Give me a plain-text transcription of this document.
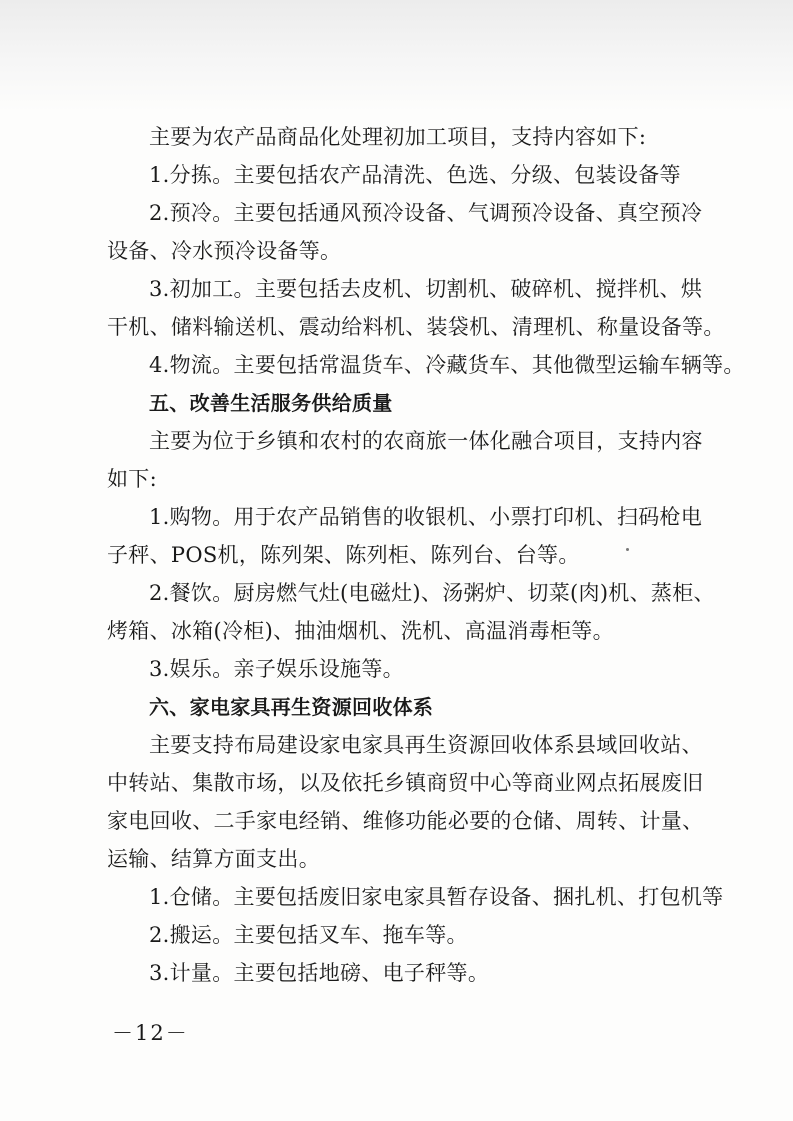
主要为农产品商品化处理初加工项目，支持内容如下:
1.分拣。主要包括农产品清洗、色选、分级、包装设备等
2.预冷。主要包括通风预冷设备、气调预冷设备、真空预冷
设备、冷水预冷设备等。
3.初加工。主要包括去皮机、切割机、破碎机、搅拌机、烘
干机、储料输送机、震动给料机、装袋机、清理机、称量设备等。
4.物流。主要包括常温货车、冷藏货车、其他微型运输车辆等。
五、改善生活服务供给质量
主要为位于乡镇和农村的农商旅一体化融合项目，支持内容
如下:
1.购物。用于农产品销售的收银机、小票打印机、扫码枪电
子秤、POS机，陈列架、陈列柜、陈列台、台等。
2.餐饮。厨房燃气灶(电磁灶)、汤粥炉、切菜(肉)机、蒸柜、
烤箱、冰箱(冷柜)、抽油烟机、洗机、高温消毒柜等。
3.娱乐。亲子娱乐设施等。
六、家电家具再生资源回收体系
主要支持布局建设家电家具再生资源回收体系县域回收站、
中转站、集散市场，以及依托乡镇商贸中心等商业网点拓展废旧
家电回收、二手家电经销、维修功能必要的仓储、周转、计量、
运输、结算方面支出。
1.仓储。主要包括废旧家电家具暂存设备、捆扎机、打包机等
2.搬运。主要包括叉车、拖车等。
3.计量。主要包括地磅、电子秤等。
－12－
